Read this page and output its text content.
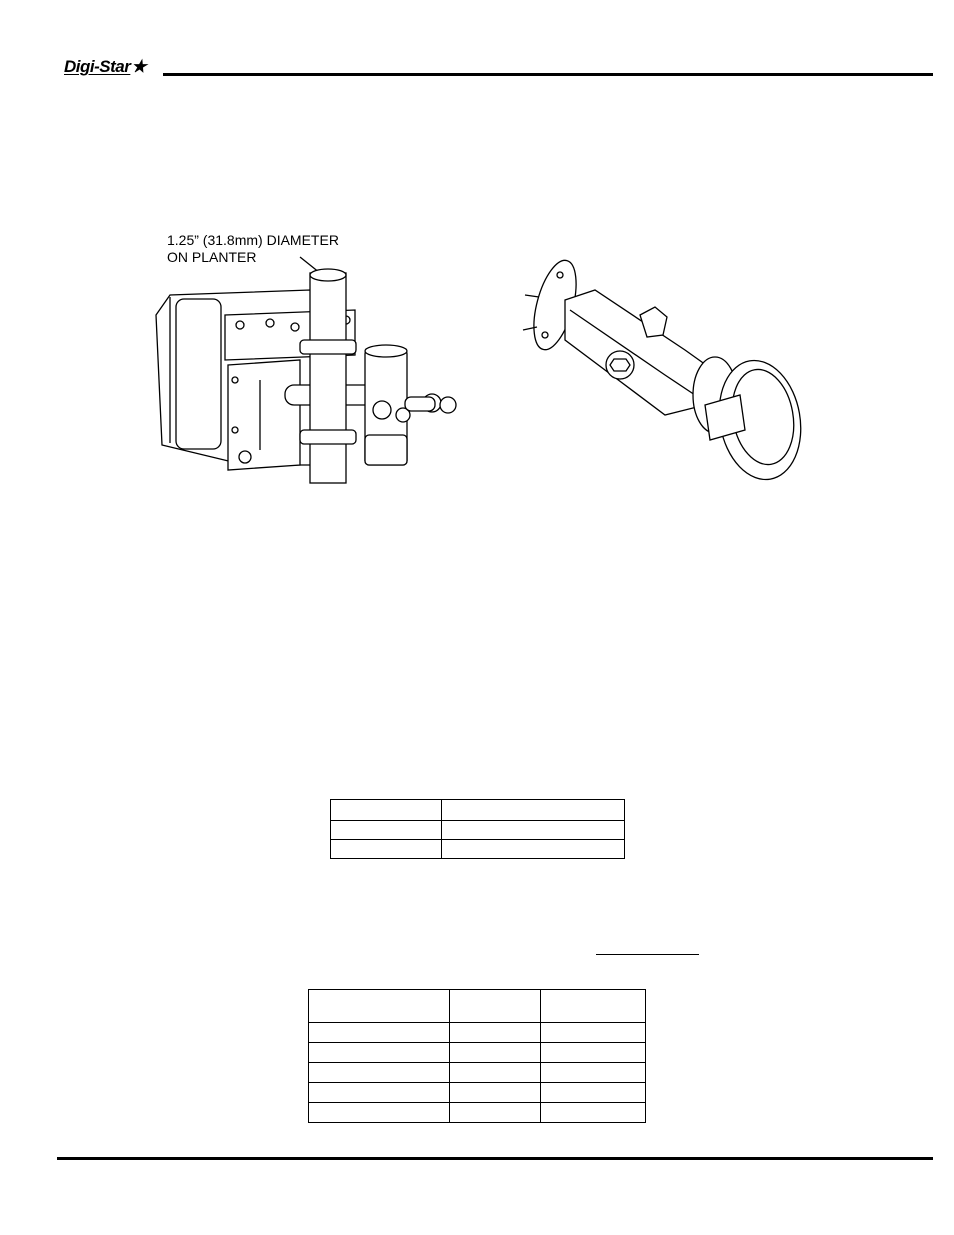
Digi-Star ★
1.25” (31.8mm) DIAMETER
ON PLANTER
